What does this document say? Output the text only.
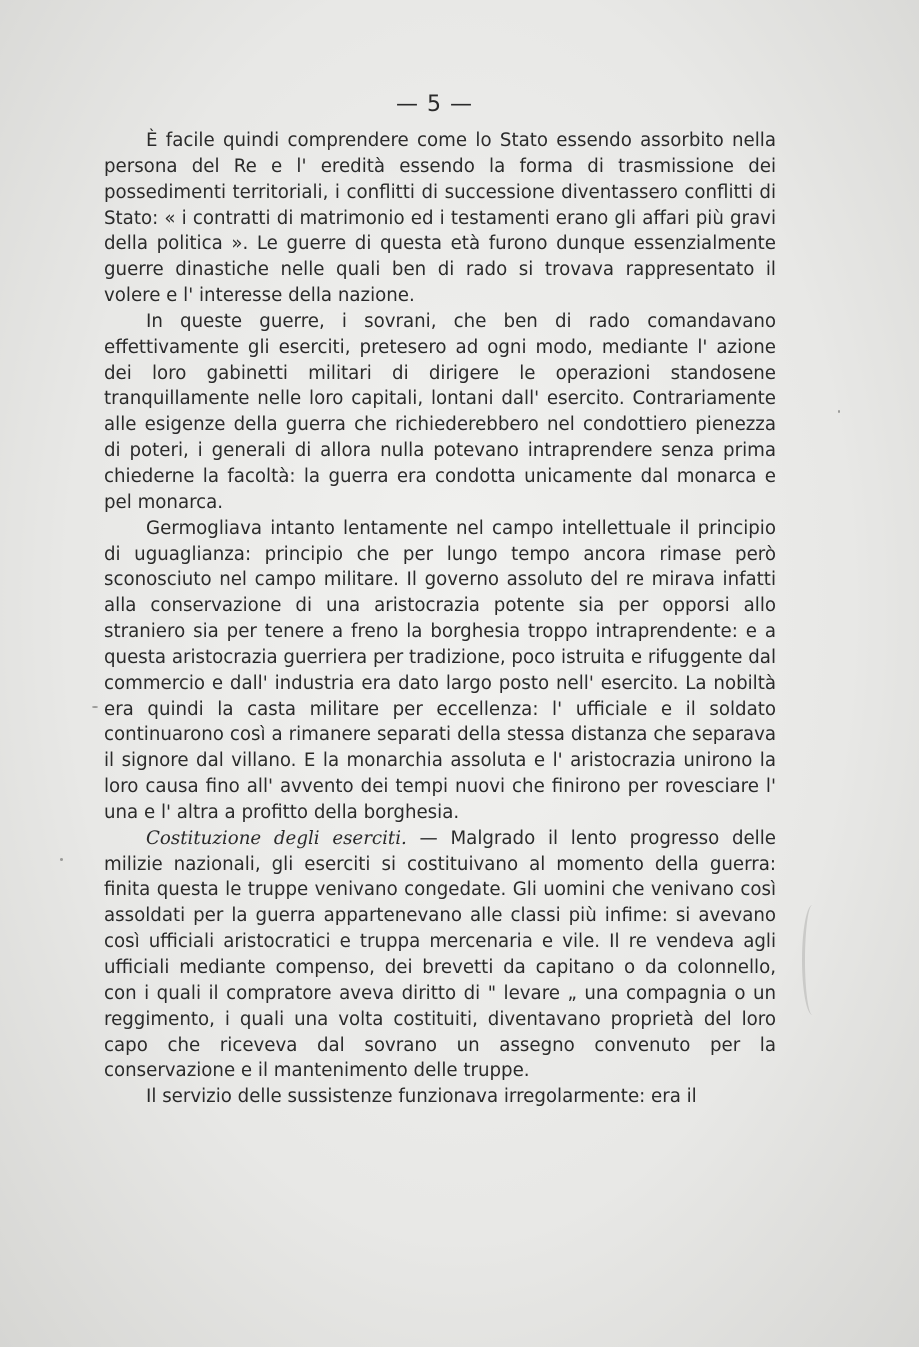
— 5 —

È facile quindi comprendere come lo Stato essendo assorbito nella persona del Re e l' eredità essendo la forma di trasmissione dei possedimenti territoriali, i conflitti di successione diventassero conflitti di Stato: « i contratti di matrimonio ed i testamenti erano gli affari più gravi della politica ». Le guerre di questa età furono dunque essenzialmente guerre dinastiche nelle quali ben di rado si trovava rappresentato il volere e l' interesse della nazione.

In queste guerre, i sovrani, che ben di rado comandavano effettivamente gli eserciti, pretesero ad ogni modo, mediante l' azione dei loro gabinetti militari di dirigere le operazioni standosene tranquillamente nelle loro capitali, lontani dall' esercito. Contrariamente alle esigenze della guerra che richiederebbero nel condottiero pienezza di poteri, i generali di allora nulla potevano intraprendere senza prima chiederne la facoltà: la guerra era condotta unicamente dal monarca e pel monarca.

Germogliava intanto lentamente nel campo intellettuale il principio di uguaglianza: principio che per lungo tempo ancora rimase però sconosciuto nel campo militare. Il governo assoluto del re mirava infatti alla conservazione di una aristocrazia potente sia per opporsi allo straniero sia per tenere a freno la borghesia troppo intraprendente: e a questa aristocrazia guerriera per tradizione, poco istruita e rifuggente dal commercio e dall' industria era dato largo posto nell' esercito. La nobiltà era quindi la casta militare per eccellenza: l' ufficiale e il soldato continuarono così a rimanere separati della stessa distanza che separava il signore dal villano. E la monarchia assoluta e l' aristocrazia unirono la loro causa fino all' avvento dei tempi nuovi che finirono per rovesciare l' una e l' altra a profitto della borghesia.

Costituzione degli eserciti. — Malgrado il lento progresso delle milizie nazionali, gli eserciti si costituivano al momento della guerra: finita questa le truppe venivano congedate. Gli uomini che venivano così assoldati per la guerra appartenevano alle classi più infime: si avevano così ufficiali aristocratici e truppa mercenaria e vile. Il re vendeva agli ufficiali mediante compenso, dei brevetti da capitano o da colonnello, con i quali il compratore aveva diritto di " levare „ una compagnia o un reggimento, i quali una volta costituiti, diventavano proprietà del loro capo che riceveva dal sovrano un assegno convenuto per la conservazione e il mantenimento delle truppe.

Il servizio delle sussistenze funzionava irregolarmente: era il
